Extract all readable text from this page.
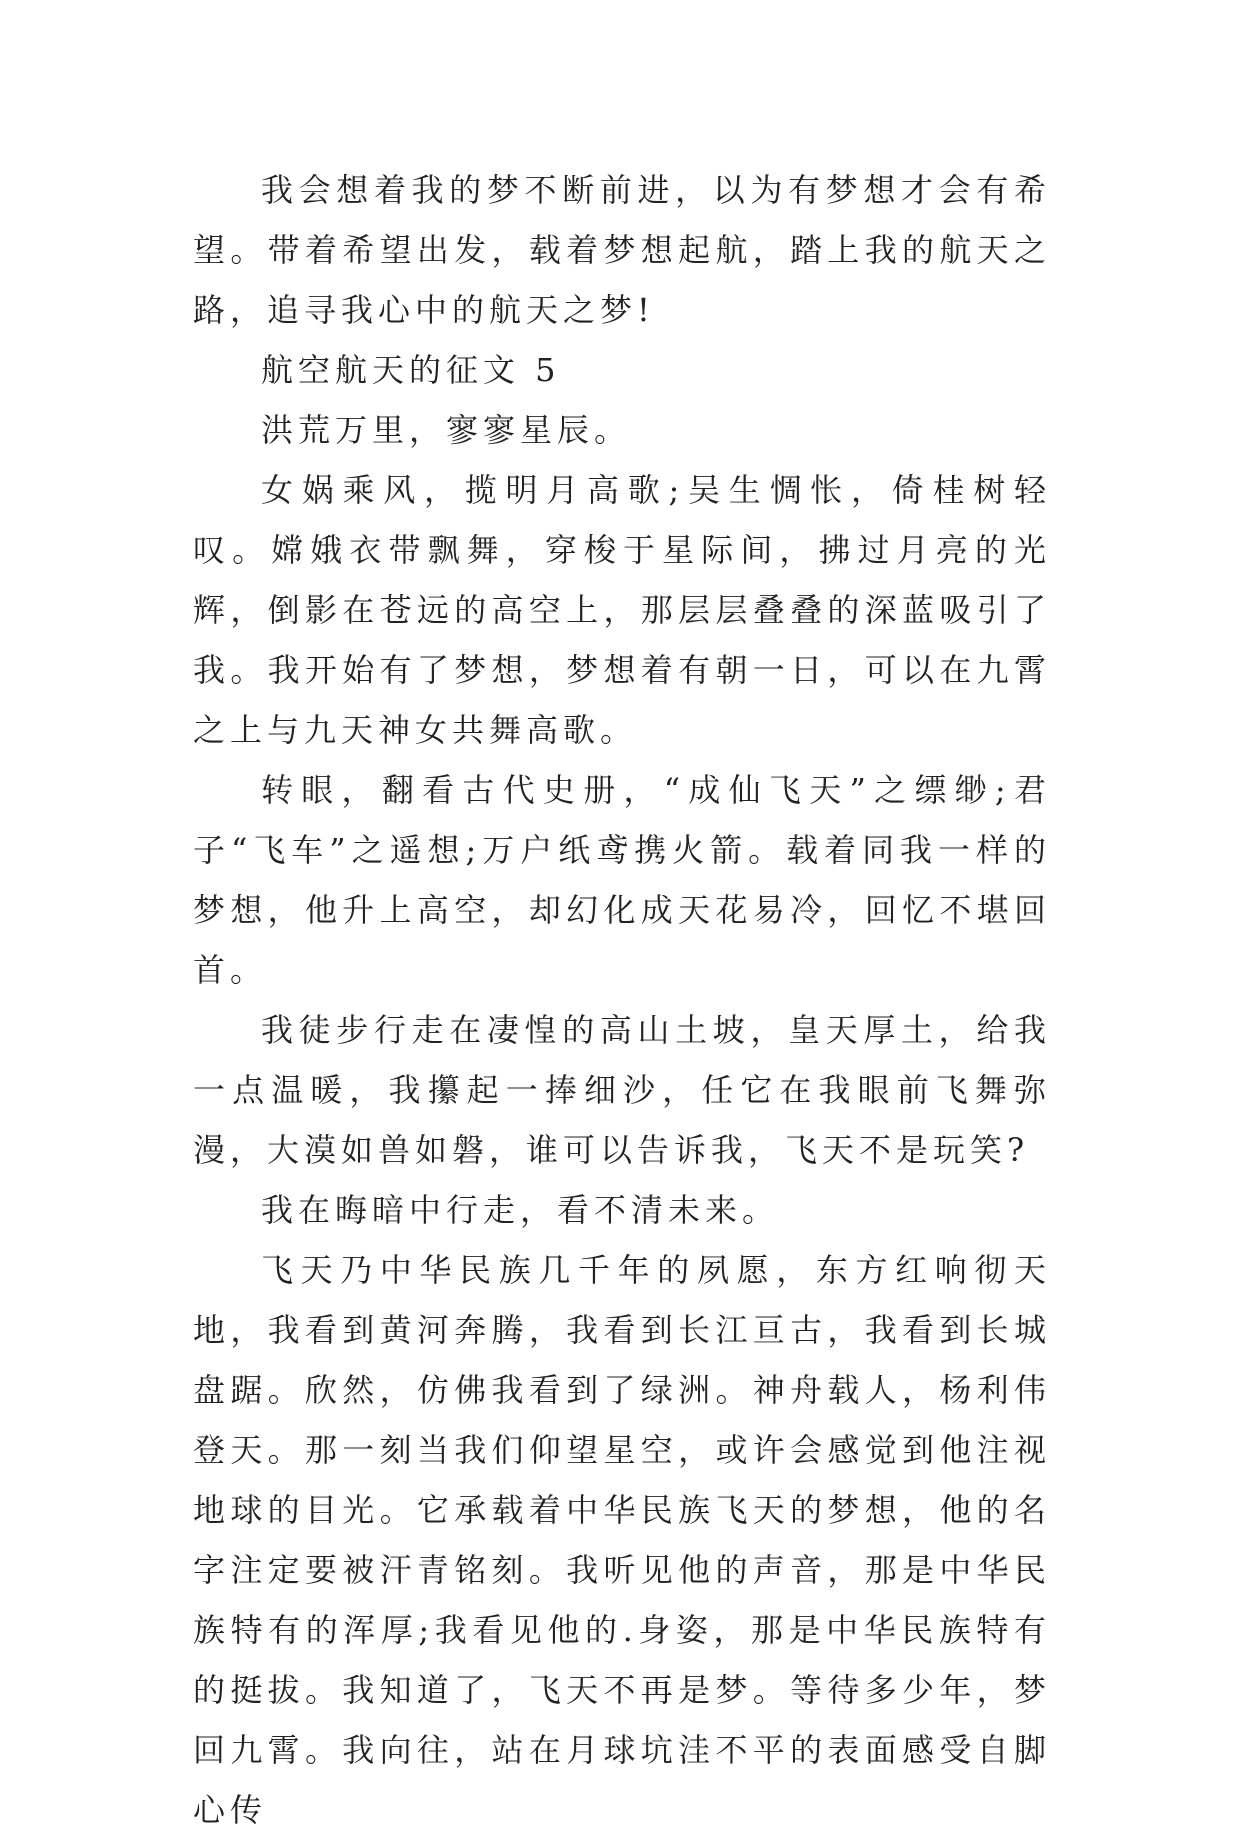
我会想着我的梦不断前进，以为有梦想才会有希望。带着希望出发，载着梦想起航，踏上我的航天之路，追寻我心中的航天之梦!

航空航天的征文 5

洪荒万里，寥寥星辰。

女娲乘风，揽明月高歌;吴生惆怅，倚桂树轻叹。嫦娥衣带飘舞，穿梭于星际间，拂过月亮的光辉，倒影在苍远的高空上，那层层叠叠的深蓝吸引了我。我开始有了梦想，梦想着有朝一日，可以在九霄之上与九天神女共舞高歌。

转眼，翻看古代史册，“成仙飞天”之缥缈;君子“飞车”之遥想;万户纸鸢携火箭。载着同我一样的梦想，他升上高空，却幻化成天花易冷，回忆不堪回首。

我徒步行走在凄惶的高山土坡，皇天厚土，给我一点温暖，我攥起一捧细沙，任它在我眼前飞舞弥漫，大漠如兽如磐，谁可以告诉我，飞天不是玩笑?

我在晦暗中行走，看不清未来。

飞天乃中华民族几千年的夙愿，东方红响彻天地，我看到黄河奔腾，我看到长江亘古，我看到长城盘踞。欣然，仿佛我看到了绿洲。神舟载人，杨利伟登天。那一刻当我们仰望星空，或许会感觉到他注视地球的目光。它承载着中华民族飞天的梦想，他的名字注定要被汗青铭刻。我听见他的声音，那是中华民族特有的浑厚;我看见他的.身姿，那是中华民族特有的挺拔。我知道了，飞天不再是梦。等待多少年，梦回九霄。我向往，站在月球坑洼不平的表面感受自脚心传
